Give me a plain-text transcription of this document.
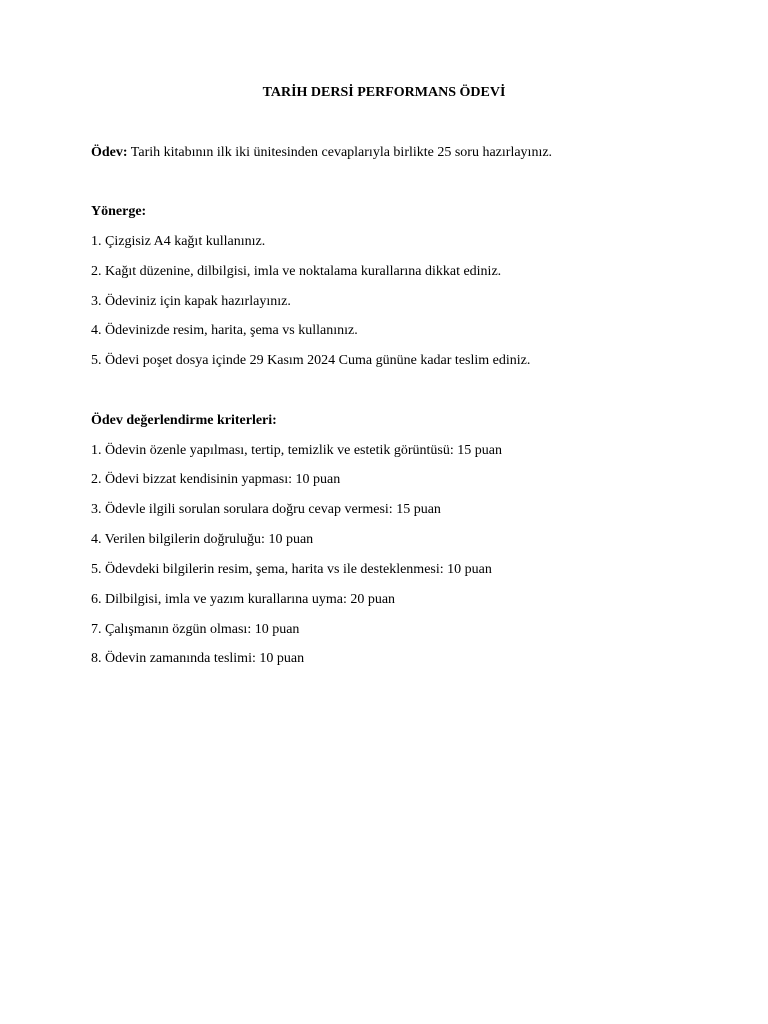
TARİH DERSİ PERFORMANS ÖDEVİ
Ödev: Tarih kitabının ilk iki ünitesinden cevaplarıyla birlikte 25 soru hazırlayınız.
Yönerge:
1. Çizgisiz A4 kağıt kullanınız.
2. Kağıt düzenine, dilbilgisi, imla ve noktalama kurallarına dikkat ediniz.
3. Ödeviniz için kapak hazırlayınız.
4. Ödevinizde resim, harita, şema vs kullanınız.
5. Ödevi poşet dosya içinde 29 Kasım 2024 Cuma gününe kadar teslim ediniz.
Ödev değerlendirme kriterleri:
1. Ödevin özenle yapılması, tertip, temizlik ve estetik görüntüsü: 15 puan
2. Ödevi bizzat kendisinin yapması: 10 puan
3. Ödevle ilgili sorulan sorulara doğru cevap vermesi: 15 puan
4. Verilen bilgilerin doğruluğu: 10 puan
5. Ödevdeki bilgilerin resim, şema, harita vs ile desteklenmesi: 10 puan
6. Dilbilgisi, imla ve yazım kurallarına uyma: 20 puan
7. Çalışmanın özgün olması: 10 puan
8. Ödevin zamanında teslimi: 10 puan
